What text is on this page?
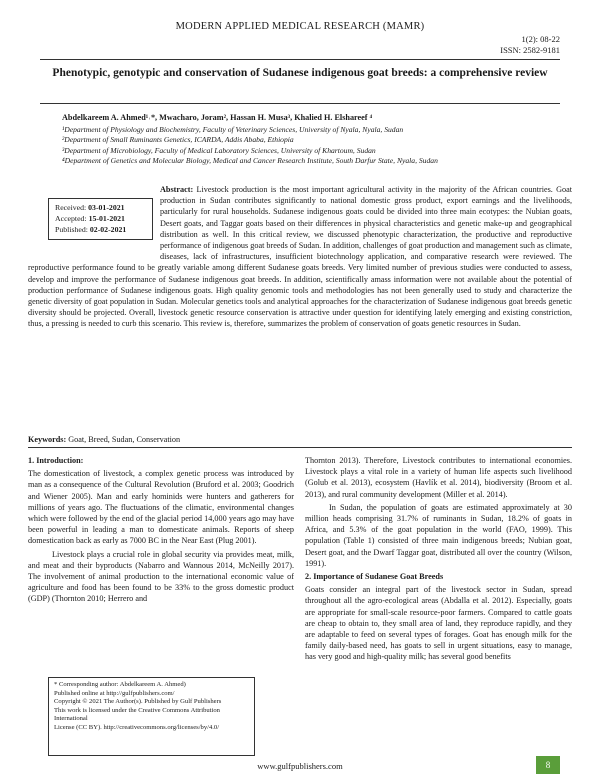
MODERN APPLIED MEDICAL RESEARCH (MAMR)
1(2): 08-22
ISSN: 2582-9181
Phenotypic, genotypic and conservation of Sudanese indigenous goat breeds: a comprehensive review
Abdelkareem A. Ahmed¹˒*, Mwacharo, Joram², Hassan H. Musa³, Khalied H. Elshareef ⁴
¹Department of Physiology and Biochemistry, Faculty of Veterinary Sciences, University of Nyala, Nyala, Sudan
²Department of Small Ruminants Genetics, ICARDA, Addis Ababa, Ethiopia
³Department of Microbiology, Faculty of Medical Laboratory Sciences, University of Khartoum, Sudan
⁴Department of Genetics and Molecular Biology, Medical and Cancer Research Institute, South Darfur State, Nyala, Sudan
Abstract: Livestock production is the most important agricultural activity in the majority of the African countries. Goat production in Sudan contributes significantly to national domestic gross product, export earnings and the livelihoods, particularly for rural households. Sudanese indigenous goats could be divided into three main ecotypes: the Nubian goats, Desert goats, and Taggar goats based on their differences in physical characteristics and genetic make-up and geographical distribution as well. In this critical review, we discussed phenotypic characterization, the productive and reproductive performance of indigenous goat breeds of Sudan. In addition, challenges of goat production and management such as climate, diseases, lack of infrastructures, insufficient biotechnology application, and comparative research were reviewed. The reproductive performance found to be greatly variable among different Sudanese goats breeds. Very limited number of previous studies were conducted to assess, develop and improve the performance of Sudanese indigenous goat breeds. In addition, scientifically amass information were not available about the potential of production performance of Sudanese indigenous goats. High quality genomic tools and methodologies has not been generally used to study and characterize the genetic diversity of goat population in Sudan. Molecular genetics tools and analytical approaches for the characterization of Sudanese indigenous goat breeds genetic diversity should be projected. Overall, livestock genetic resource conservation is attractive under question for identifying lately emerging and existing constriction, thus, a pressing is needed to curb this scenario. This review is, therefore, summarizes the problem of conservation of goats genetic resources in Sudan.
Received: 03-01-2021
Accepted: 15-01-2021
Published: 02-02-2021
Keywords: Goat, Breed, Sudan, Conservation

1. Introduction:

The domestication of livestock, a complex genetic process was introduced by man as a consequence of the Cultural Revolution (Bruford et al. 2003; Goodrich and Wiener 2005). Man and early hominids were hunters and gatherers for millions of years ago. The fluctuations of the climatic, environmental changes which were followed by the end of the glacial period 14,000 years ago may have been powerful in leading a man to domesticate animals. Reports of sheep domestication back as early as 7000 BC in the Near East (Plug 2001).

Livestock plays a crucial role in global security via provides meat, milk, and meat and their byproducts (Nabarro and Wannous 2014, McNeilly 2017). The involvement of animal production to the international economic value of agriculture and food has been found to be 33% to the gross domestic product (GDP) (Thornton 2010; Herrero and

Thornton 2013). Therefore, Livestock contributes to international economies. Livestock plays a vital role in a variety of human life aspects such livelihood (Golub et al. 2013), ecosystem (Havlík et al. 2014), biodiversity (Broom et al. 2013), and rural community development (Miller et al. 2014).

In Sudan, the population of goats are estimated approximately at 30 million heads comprising 31.7% of ruminants in Sudan, 18.2% of goats in Africa, and 5.3% of the goat population in the world (FAO, 1999). This population (Table 1) consisted of three main indigenous breeds; Nubian goat, Desert goat, and the Dwarf Taggar goat, distributed all over the country (Wilson, 1991).

2. Importance of Sudanese Goat Breeds

Goats consider an integral part of the livestock sector in Sudan, spread throughout all the agro-ecological areas (Abdalla et al. 2012). Especially, goats are appropriate for small-scale resource-poor farmers. Compared to cattle goats are cheap to obtain to, they small area of land, they reproduce rapidly, and they are adaptable to feed on several types of forages. Goat has enough milk for the family daily-based need, has goats to sell in urgent situations, easy to manage, has very good and high-quality milk; has several good benefits

* Corresponding author: Abdelkareem A. Ahmed)
Published online at http://gulfpublishers.com/
Copyright © 2021 The Author(s). Published by Gulf Publishers
This work is licensed under the Creative Commons Attribution International
License (CC BY). http://creativecommons.org/licenses/by/4.0/
www.gulfpublishers.com	8
